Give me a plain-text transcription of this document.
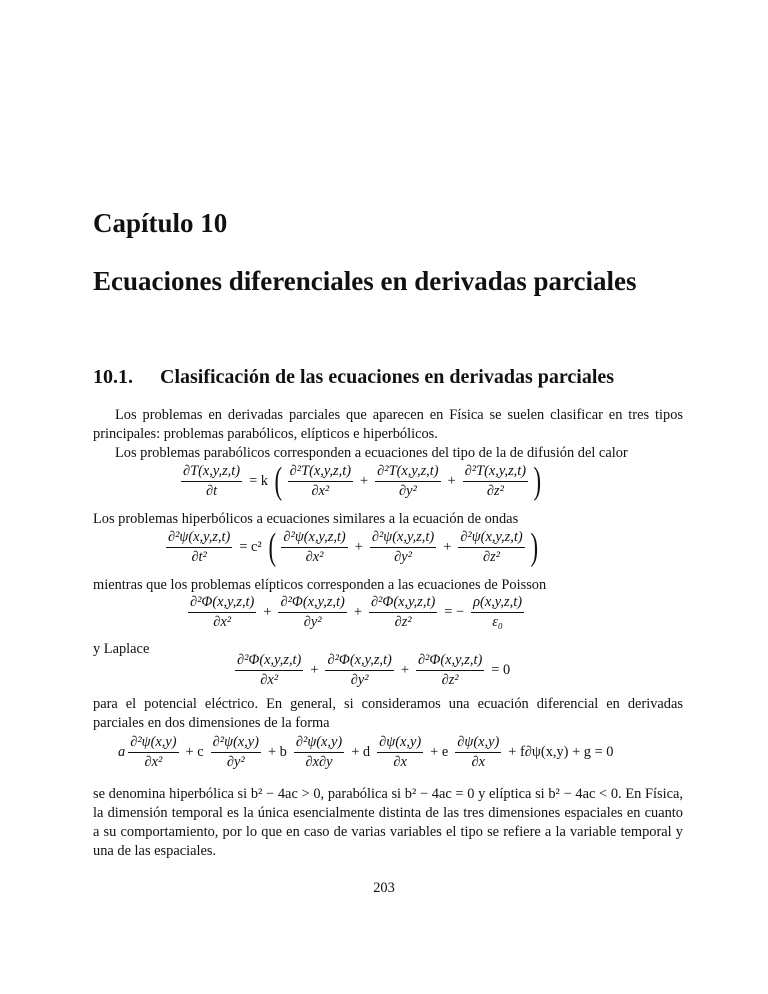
Capítulo 10
Ecuaciones diferenciales en derivadas parciales
10.1. Clasificación de las ecuaciones en derivadas parciales
Los problemas en derivadas parciales que aparecen en Física se suelen clasificar en tres tipos principales: problemas parabólicos, elípticos e hiperbólicos.
Los problemas parabólicos corresponden a ecuaciones del tipo de la de difusión del calor
$\frac{\partial T(x,y,z,t)}{\partial t} = k$ ( $\frac{\text{∂²T(x,y,z,t)}}{\text{∂x²}} + \frac{\text{∂²T(x,y,z,t)}}{\text{∂y²}} + \frac{\text{∂²T(x,y,z,t)}}{\text{∂z²}}$ )
Los problemas hiperbólicos a ecuaciones similares a la ecuación de ondas
$\frac{\text{∂²ψ(x,y,z,t)}}{\text{∂t²}} = c^2$ ( $\frac{\text{∂²ψ(x,y,z,t)}}{\text{∂x²}} + \frac{\text{∂²ψ(x,y,z,t)}}{\text{∂y²}} + \frac{\text{∂²ψ(x,y,z,t)}}{\text{∂z²}}$ )
mientras que los problemas elípticos corresponden a las ecuaciones de Poisson
$\frac{\text{∂²Φ(x,y,z,t)}}{\text{∂x²}} + \frac{\text{∂²Φ(x,y,z,t)}}{\text{∂y²}} + \frac{\text{∂²Φ(x,y,z,t)}}{\text{∂z²}}$ = − $\frac{\rho(x,y,z,t)}{\text{ε₀}}$
y Laplace
$\frac{\text{∂²Φ(x,y,z,t)}}{\text{∂x²}} + \frac{\text{∂²Φ(x,y,z,t)}}{\text{∂y²}} + \frac{\text{∂²Φ(x,y,z,t)}}{\text{∂z²}} = 0$
para el potencial eléctrico. En general, si consideramos una ecuación diferencial en derivadas parciales en dos dimensiones de la forma
a $\frac{\text{∂²ψ(x,y)}}{\text{∂x²}} + c \frac{\text{∂²ψ(x,y)}}{\text{∂y²}} + b \frac{\text{∂²ψ(x,y)}}{\partial x\partial y} + d \frac{\partial\psi(x,y)}{\partial x} + e \frac{\partial\psi(x,y)}{\partial x} + f\partial\psi(x,y) + g = 0$
se denomina hiperbólica si b² − 4ac > 0, parabólica si b² − 4ac = 0 y elíptica si b² − 4ac < 0. En Física, la dimensión temporal es la única esencialmente distinta de las tres dimensiones espaciales en cuanto a su comportamiento, por lo que en caso de varias variables el tipo se refiere a la variable temporal y una de las espaciales.
203
